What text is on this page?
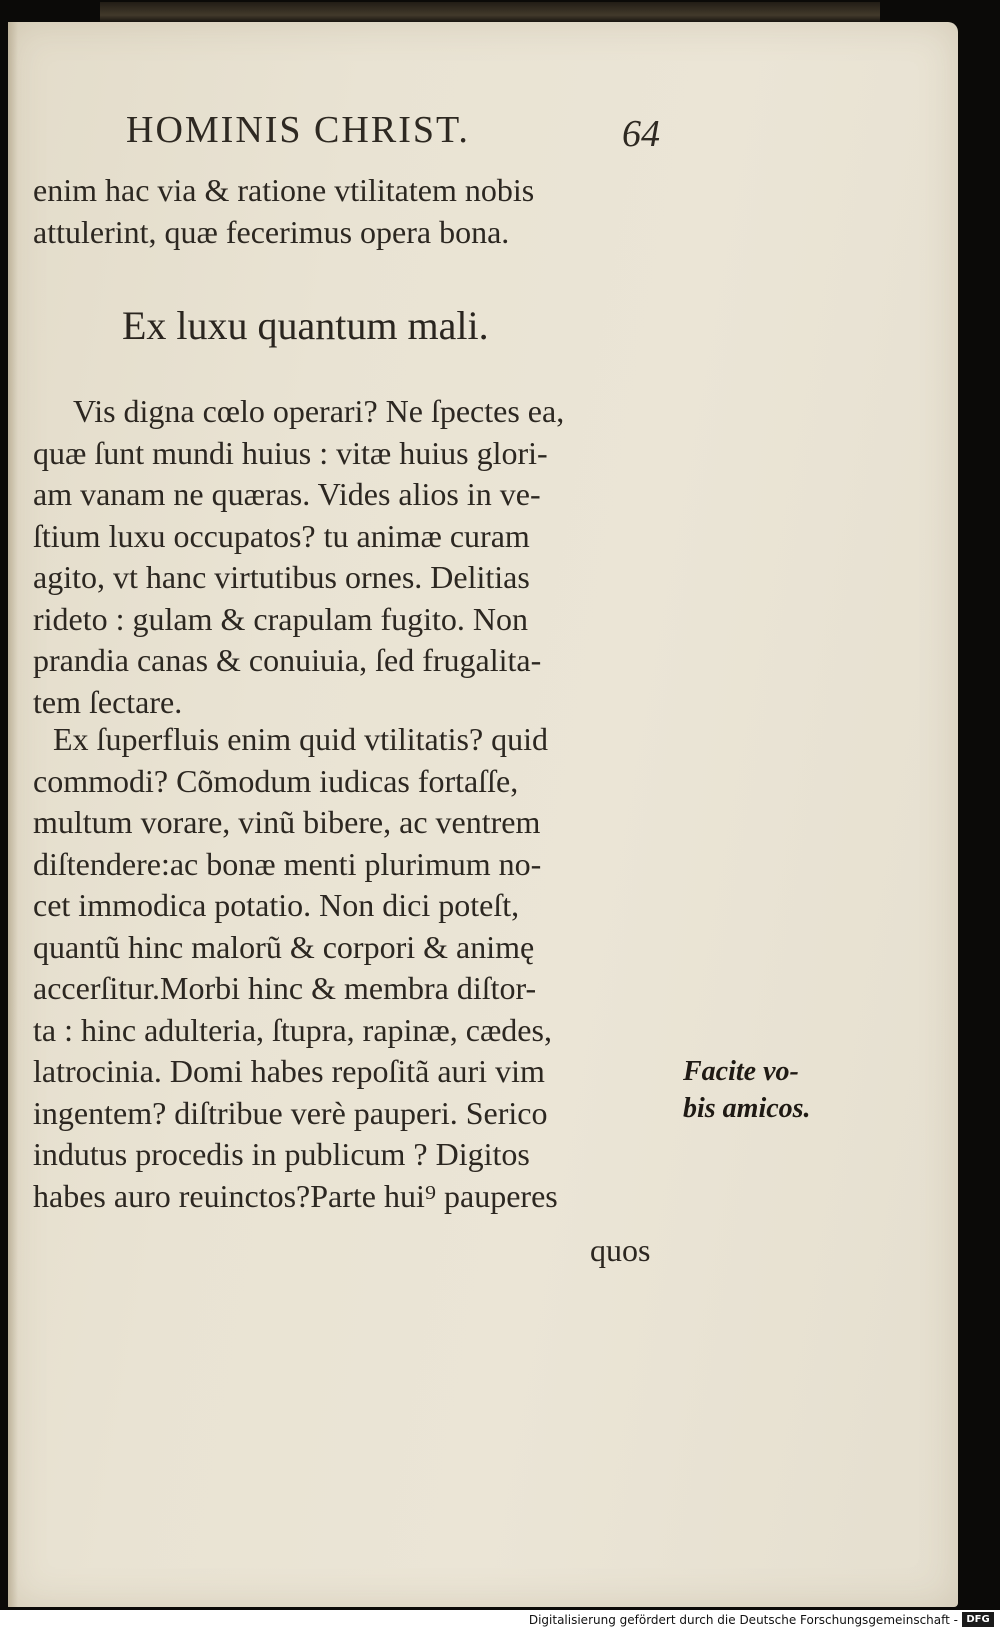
HOMINIS CHRIST.	64
enim hac via & ratione vtilitatem nobis
attulerint, quæ fecerimus opera bona.
Ex luxu quantum mali.
Vis digna cœlo operari? Ne ſpectes ea,
quæ ſunt mundi huius : vitæ huius glori-
am vanam ne quæras. Vides alios in ve-
ſtium luxu occupatos? tu animæ curam
agito, vt hanc virtutibus ornes. Delitias
rideto : gulam & crapulam fugito. Non
prandia canas & conuiuia, ſed frugalita-
tem ſectare.
Ex ſuperfluis enim quid vtilitatis? quid
commodi? Cõmodum iudicas fortaſſe,
multum vorare, vinũ bibere, ac ventrem
diſtendere:ac bonæ menti plurimum no-
cet immodica potatio. Non dici poteſt,
quantũ hinc malorũ & corpori & animę
accerſitur.Morbi hinc & membra diſtor-
ta : hinc adulteria, ſtupra, rapinæ, cædes,
latrocinia. Domi habes repoſitã auri vim
ingentem? diſtribue verè pauperi. Serico
indutus procedis in publicum ? Digitos
habes auro reuinctos?Parte hui⁹ pauperes
quos
Facite vo-
bis amicos.
Digitalisierung gefördert durch die Deutsche Forschungsgemeinschaft - DFG
